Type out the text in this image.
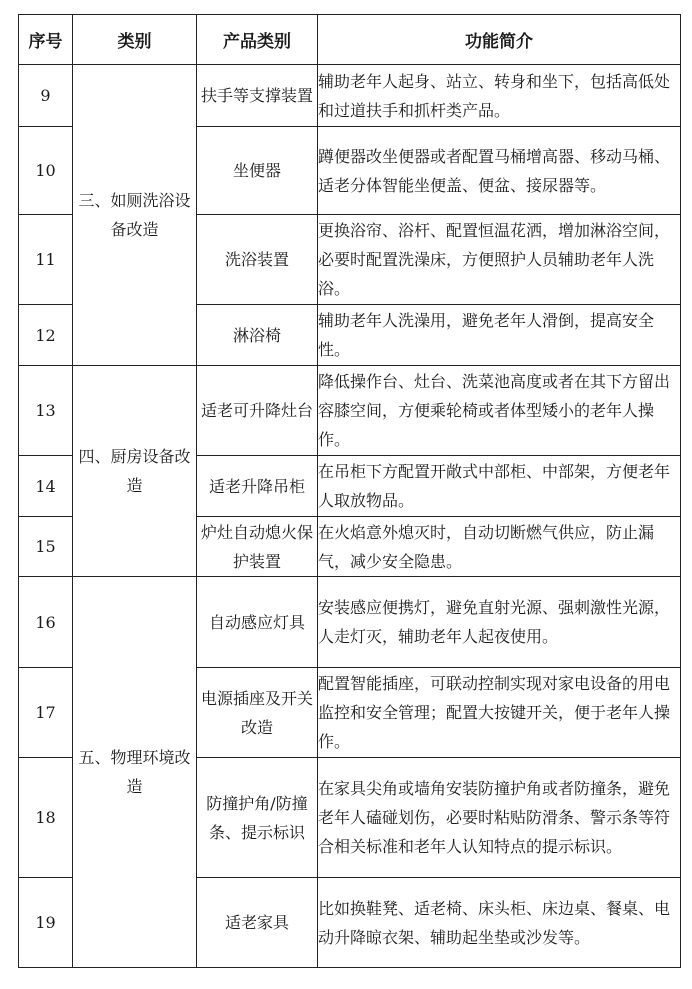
序号	类别	产品类别	功能简介
9	三、如厕洗浴设备改造	扶手等支撑装置	辅助老年人起身、站立、转身和坐下，包括高低处和过道扶手和抓杆类产品。
10		坐便器	蹲便器改坐便器或者配置马桶增高器、移动马桶、适老分体智能坐便盖、便盆、接尿器等。
11		洗浴装置	更换浴帘、浴杆、配置恒温花洒，增加淋浴空间，必要时配置洗澡床，方便照护人员辅助老年人洗浴。
12		淋浴椅	辅助老年人洗澡用，避免老年人滑倒，提高安全性。
13	四、厨房设备改造	适老可升降灶台	降低操作台、灶台、洗菜池高度或者在其下方留出容膝空间，方便乘轮椅或者体型矮小的老年人操作。
14		适老升降吊柜	在吊柜下方配置开敞式中部柜、中部架，方便老年人取放物品。
15		炉灶自动熄火保护装置	在火焰意外熄灭时，自动切断燃气供应，防止漏气，减少安全隐患。
16	五、物理环境改造	自动感应灯具	安装感应便携灯，避免直射光源、强刺激性光源，人走灯灭，辅助老年人起夜使用。
17		电源插座及开关改造	配置智能插座，可联动控制实现对家电设备的用电监控和安全管理；配置大按键开关，便于老年人操作。
18		防撞护角/防撞条、提示标识	在家具尖角或墙角安装防撞护角或者防撞条，避免老年人磕碰划伤，必要时粘贴防滑条、警示条等符合相关标准和老年人认知特点的提示标识。
19		适老家具	比如换鞋凳、适老椅、床头柜、床边桌、餐桌、电动升降晾衣架、辅助起坐垫或沙发等。
